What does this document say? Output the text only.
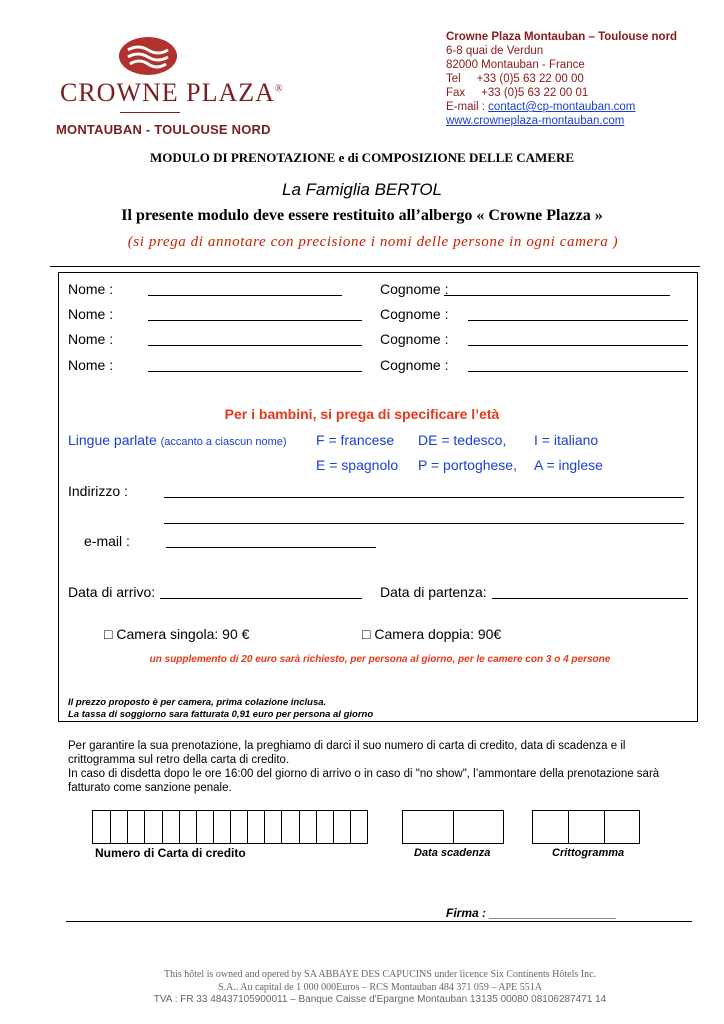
CROWNE PLAZA®
MONTAUBAN - TOULOUSE NORD
Crowne Plaza Montauban – Toulouse nord
6-8 quai de Verdun
82000 Montauban - France
Tel     +33 (0)5 63 22 00 00
Fax     +33 (0)5 63 22 00 01
E-mail : contact@cp-montauban.com
www.crowneplaza-montauban.com
MODULO DI PRENOTAZIONE e di COMPOSIZIONE DELLE CAMERE
La Famiglia BERTOL
Il presente modulo deve essere restituito all’albergo « Crowne Plazza »
(si prega di annotare con precisione i nomi delle persone in ogni camera )
Nome :	Cognome :
Nome :	Cognome :
Nome :	Cognome :
Nome :	Cognome :
Per i bambini, si prega di specificare l’età
Lingue parlate (accanto a ciascun nome) F = francese DE = tedesco, I = italiano
E = spagnolo P = portoghese, A = inglese
Indirizzo :
e-mail :
Data di arrivo:	Data di partenza:
□ Camera singola: 90 €	□ Camera doppia: 90€
un supplemento di 20 euro sarà richiesto, per persona al giorno, per le camere con 3 o 4 persone
Il prezzo proposto è per camera, prima colazione inclusa.
La tassa di soggiorno sara fatturata 0,91 euro per persona al giorno
Per garantire la sua prenotazione, la preghiamo di darci il suo numero di carta di credito, data di scadenza e il crittogramma sul retro della carta di credito.
In caso di disdetta dopo le ore 16:00 del giorno di arrivo o in caso di "no show", l’ammontare della prenotazione sarà fatturato come sanzione penale.
Numero di Carta di credito	Data scadenza	Crittogramma
Firma : ___________________
This hôtel is owned and opered by SA ABBAYE DES CAPUCINS under licence Six Continents Hôtels Inc.
S.A.. Au capital de 1 000 000Euros – RCS Montauban 484 371 059 – APE 551A
TVA : FR 33 48437105900011 – Banque Caisse d'Epargne Montauban 13135 00080 08106287471 14
